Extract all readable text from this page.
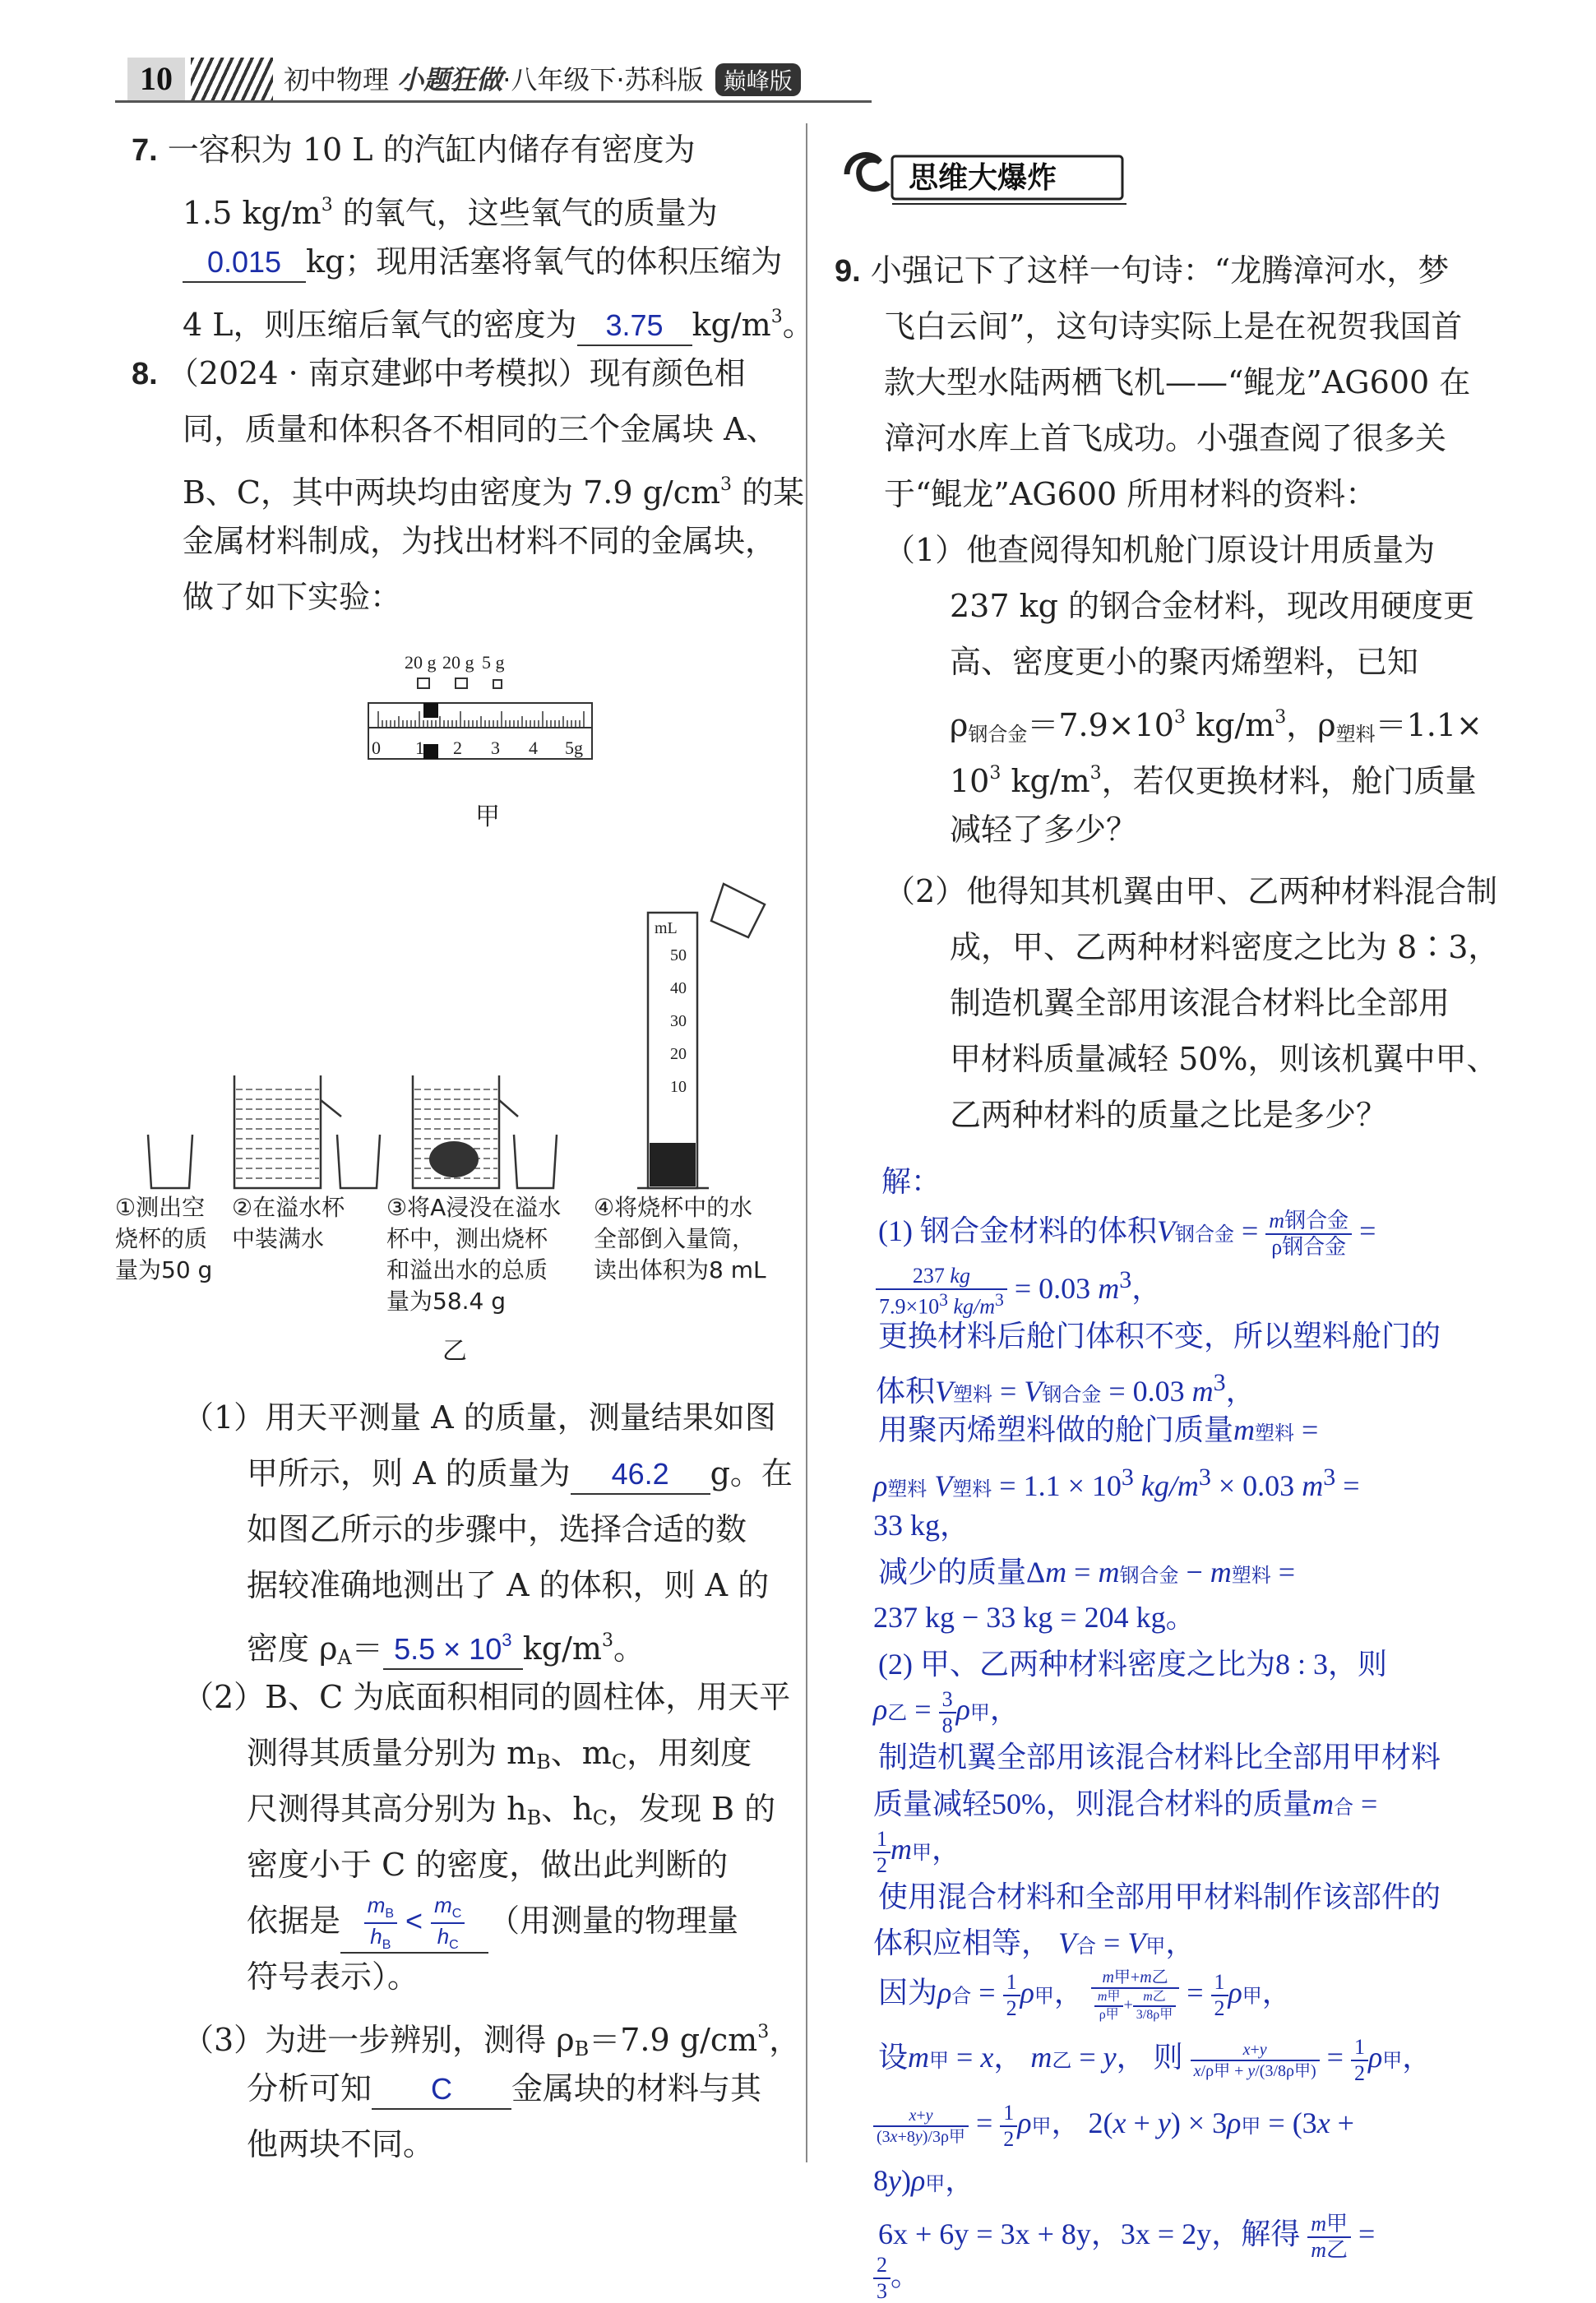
10	初中物理 小题狂做·八年级下·苏科版 巅峰版
7. 一容积为 10 L 的汽缸内储存有密度为
1.5 $kg/m^3$ 的氧气，这些氧气的质量为
0.015 kg；现用活塞将氧气的体积压缩为
4 L，则压缩后氧气的密度为 3.75 $kg/m^3$。
8. （2024 · 南京建邺中考模拟）现有颜色相
同，质量和体积各不相同的三个金属块 A、
B、C，其中两块均由密度为 7.9 $g/cm^3$ 的某
金属材料制成，为找出材料不同的金属块，
做了如下实验：
20 g 20 g 5 g
0 1 2 3 4 5g
甲
mL
50
40
30
20
10
①测出空
烧杯的质
量为50 g
②在溢水杯
中装满水
③将A浸没在溢水
杯中，测出烧杯
和溢出水的总质
量为58.4 g
④将烧杯中的水
全部倒入量筒，
读出体积为8 mL
乙
（1）用天平测量 A 的质量，测量结果如图
甲所示，则 A 的质量为 46.2 g。在
如图乙所示的步骤中，选择合适的数
据较准确地测出了 A 的体积，则 A 的
密度 $\rho_A= 5.5 \times 10^3$ $kg/m^3$。
（2）B、C 为底面积相同的圆柱体，用天平
测得其质量分别为 $m_B$、$m_C$，用刻度
尺测得其高分别为 $h_B$、$h_C$，发现 B 的
密度小于 C 的密度，做出此判断的
依据是 $\frac{m_B}{h_B} < \frac{m_C}{h_C}$ （用测量的物理量
符号表示）。
（3）为进一步辨别，测得 $\rho_B=7.9$ $g/cm^3$，
分析可知 C 金属块的材料与其
他两块不同。
思维大爆炸
9. 小强记下了这样一句诗：“龙腾漳河水，梦
飞白云间”，这句诗实际上是在祝贺我国首
款大型水陆两栖飞机——“鲲龙”AG600 在
漳河水库上首飞成功。小强查阅了很多关
于“鲲龙”AG600 所用材料的资料：
（1）他查阅得知机舱门原设计用质量为
237 kg 的钢合金材料，现改用硬度更
高、密度更小的聚丙烯塑料，已知
$\rho_{钢合金}=7.9\times 10^3$ $kg/m^3$，$\rho_{塑料}=1.1\times$
$10^3$ $kg/m^3$，若仅更换材料，舱门质量
减轻了多少？
（2）他得知其机翼由甲、乙两种材料混合制
成，甲、乙两种材料密度之比为 8∶3，
制造机翼全部用该混合材料比全部用
甲材料质量减轻 50%，则该机翼中甲、
乙两种材料的质量之比是多少？
解：
(1) 钢合金材料的体积V钢合金 = $\frac{\text{m钢合金}}{\text{ρ钢合金}}$ =
$\frac{237 kg}{7.9\times 10^3 kg/m^3} = 0.03$ $m^3$，
更换材料后舱门体积不变，所以塑料舱门的
体积V塑料 = V钢合金 = 0.03 $m^3$，
用聚丙烯塑料做的舱门质量m塑料 =
ρ塑料 V塑料 = $1.1 \times 10^3$ $kg/m^3 \times 0.03$ $m^3$ =
33 kg，
减少的质量Δm = m钢合金 − m塑料 =
237 kg − 33 kg = 204 kg。
(2) 甲、乙两种材料密度之比为8 : 3，则
ρ乙 = $\frac{3}{8}$ ρ甲，
制造机翼全部用该混合材料比全部用甲材料
质量减轻50%，则混合材料的质量m合 =
$\frac{1}{2}$ m甲，
使用混合材料和全部用甲材料制作该部件的
体积应相等， V合 = V甲，
因为ρ合 = $\frac{1}{2}$ ρ甲， $\frac{\text{m甲+m乙}}{\frac{\text{m甲}}{\text{ρ甲}} + \frac{\text{m乙}}{\text{3/8ρ甲}}} = \frac{1}{2}$ ρ甲，
设m甲 = x， m乙 = y， 则 $\frac{x+y}{\text{x/ρ甲 + y/(3/8ρ甲)}} = \frac{1}{2}$ ρ甲，
$\frac{x+y}{\text{(3x+8y)/3ρ甲}} = \frac{1}{2}$ ρ甲， 2(x + y) × 3ρ甲 = (3x +
8y)ρ甲，
6x + 6y = 3x + 8y，3x = 2y，解得 $\frac{\text{m甲}}{\text{m乙}}$ =
$\frac{2}{3}$ 。
